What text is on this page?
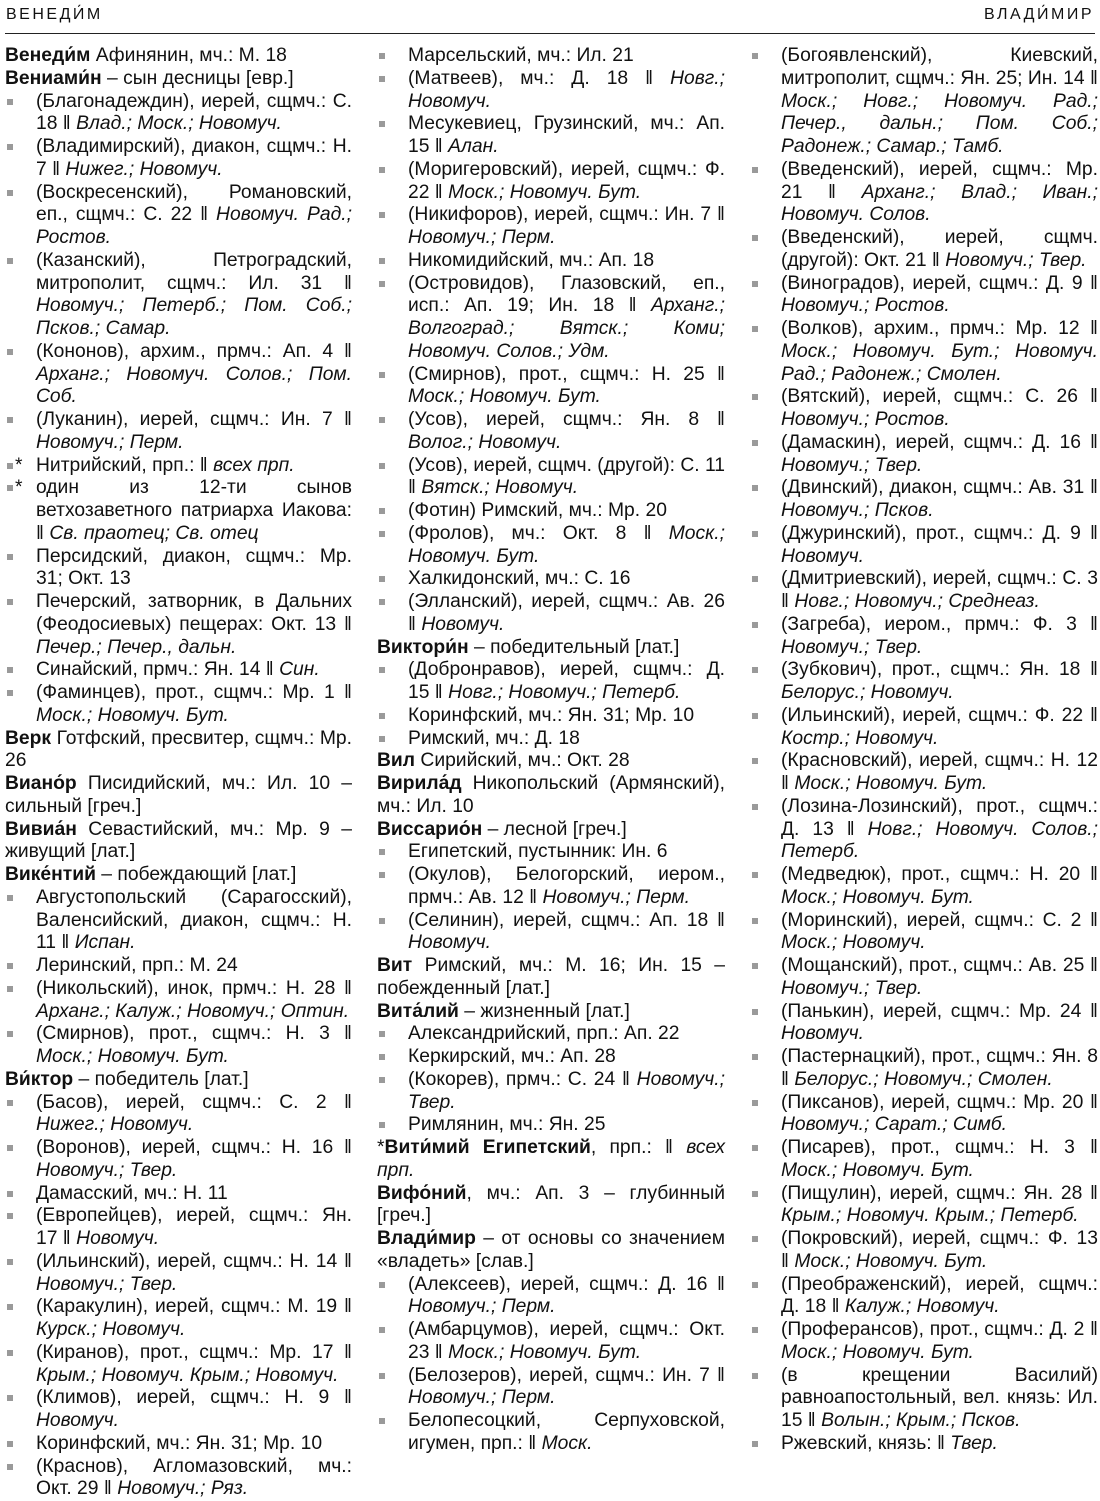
ВЕНЕДИ́М	ВЛАДИ́МИР

Венеди́м Афинянин, мч.: М. 18

Вениами́н – сын десницы [евр.]

(Благонадеждин), иерей, сщмч.: С. 18 ‖ Влад.; Моск.; Новомуч.

(Владимирский), диакон, сщмч.: Н. 7 ‖ Нижег.; Новомуч.

(Воскресенский), Романовский, еп., сщмч.: С. 22 ‖ Новомуч. Рад.; Ростов.

(Казанский), Петроградский, митрополит, сщмч.: Ил. 31 ‖ Новомуч.; Петерб.; Пом. Соб.; Псков.; Самар.

(Кононов), архим., прмч.: Ап. 4 ‖ Арханг.; Новомуч. Солов.; Пом. Соб.

(Луканин), иерей, сщмч.: Ин. 7 ‖ Новомуч.; Перм.

* Нитрийский, прп.: ‖ всех прп.

* один из 12-ти сынов ветхозаветного патриарха Иакова: ‖ Св. праотец; Св. отец

Персидский, диакон, сщмч.: Мр. 31; Окт. 13

Печерский, затворник, в Дальних (Феодосиевых) пещерах: Окт. 13 ‖ Печер.; Печер., дальн.

Синайский, прмч.: Ян. 14 ‖ Син.

(Фаминцев), прот., сщмч.: Мр. 1 ‖ Моск.; Новомуч. Бут.

Верк Готфский, пресвитер, сщмч.: Мр. 26

Виано́р Писидийский, мч.: Ил. 10 – сильный [греч.]

Вивиа́н Севастийский, мч.: Мр. 9 – живущий [лат.]

Вике́нтий – побеждающий [лат.]

Августопольский (Сарагосский), Валенсийский, диакон, сщмч.: Н. 11 ‖ Испан.

Леринский, прп.: М. 24

(Никольский), инок, прмч.: Н. 28 ‖ Арханг.; Калуж.; Новомуч.; Оптин.

(Смирнов), прот., сщмч.: Н. 3 ‖ Моск.; Новомуч. Бут.

Ви́ктор – победитель [лат.]

(Басов), иерей, сщмч.: С. 2 ‖ Нижег.; Новомуч.

(Воронов), иерей, сщмч.: Н. 16 ‖ Новомуч.; Твер.

Дамасский, мч.: Н. 11

(Европейцев), иерей, сщмч.: Ян. 17 ‖ Новомуч.

(Ильинский), иерей, сщмч.: Н. 14 ‖ Новомуч.; Твер.

(Каракулин), иерей, сщмч.: М. 19 ‖ Курск.; Новомуч.

(Киранов), прот., сщмч.: Мр. 17 ‖ Крым.; Новомуч. Крым.; Новомуч.

(Климов), иерей, сщмч.: Н. 9 ‖ Новомуч.

Коринфский, мч.: Ян. 31; Мр. 10

(Краснов), Агломазовский, мч.: Окт. 29 ‖ Новомуч.; Ряз.

Марсельский, мч.: Ил. 21

(Матвеев), мч.: Д. 18 ‖ Новг.; Новомуч.

Месукевиец, Грузинский, мч.: Ап. 15 ‖ Алан.

(Моригеровский), иерей, сщмч.: Ф. 22 ‖ Моск.; Новомуч. Бут.

(Никифоров), иерей, сщмч.: Ин. 7 ‖ Новомуч.; Перм.

Никомидийский, мч.: Ап. 18

(Островидов), Глазовский, еп., исп.: Ап. 19; Ин. 18 ‖ Арханг.; Волгоград.; Вятск.; Коми; Новомуч. Солов.; Удм.

(Смирнов), прот., сщмч.: Н. 25 ‖ Моск.; Новомуч. Бут.

(Усов), иерей, сщмч.: Ян. 8 ‖ Волог.; Новомуч.

(Усов), иерей, сщмч. (другой): С. 11 ‖ Вятск.; Новомуч.

(Фотин) Римский, мч.: Мр. 20

(Фролов), мч.: Окт. 8 ‖ Моск.; Новомуч. Бут.

Халкидонский, мч.: С. 16

(Элланский), иерей, сщмч.: Ав. 26 ‖ Новомуч.

Виктори́н – победительный [лат.]

(Добронравов), иерей, сщмч.: Д. 15 ‖ Новг.; Новомуч.; Петерб.

Коринфский, мч.: Ян. 31; Мр. 10

Римский, мч.: Д. 18

Вил Сирийский, мч.: Окт. 28

Вирила́д Никопольский (Армянский), мч.: Ил. 10

Виссарио́н – лесной [греч.]

Египетский, пустынник: Ин. 6

(Окулов), Белогорский, иером., прмч.: Ав. 12 ‖ Новомуч.; Перм.

(Селинин), иерей, сщмч.: Ап. 18 ‖ Новомуч.

Вит Римский, мч.: М. 16; Ин. 15 – побежденный [лат.]

Вита́лий – жизненный [лат.]

Александрийский, прп.: Ап. 22

Керкирский, мч.: Ап. 28

(Кокорев), прмч.: С. 24 ‖ Новомуч.; Твер.

Римлянин, мч.: Ян. 25

*Вити́мий Египетский, прп.: ‖ всех прп.

Вифо́ний, мч.: Ап. 3 – глубинный [греч.]

Влади́мир – от основы со значением «владеть» [слав.]

(Алексеев), иерей, сщмч.: Д. 16 ‖ Новомуч.; Перм.

(Амбарцумов), иерей, сщмч.: Окт. 23 ‖ Моск.; Новомуч. Бут.

(Белозеров), иерей, сщмч.: Ин. 7 ‖ Новомуч.; Перм.

Белопесоцкий, Серпуховской, игумен, прп.: ‖ Моск.

(Богоявленский), Киевский, митрополит, сщмч.: Ян. 25; Ин. 14 ‖ Моск.; Новг.; Новомуч. Рад.; Печер., дальн.; Пом. Соб.; Радонеж.; Самар.; Тамб.

(Введенский), иерей, сщмч.: Мр. 21 ‖ Арханг.; Влад.; Иван.; Новомуч. Солов.

(Введенский), иерей, сщмч. (другой): Окт. 21 ‖ Новомуч.; Твер.

(Виноградов), иерей, сщмч.: Д. 9 ‖ Новомуч.; Ростов.

(Волков), архим., прмч.: Мр. 12 ‖ Моск.; Новомуч. Бут.; Новомуч. Рад.; Радонеж.; Смолен.

(Вятский), иерей, сщмч.: С. 26 ‖ Новомуч.; Ростов.

(Дамаскин), иерей, сщмч.: Д. 16 ‖ Новомуч.; Твер.

(Двинский), диакон, сщмч.: Ав. 31 ‖ Новомуч.; Псков.

(Джуринский), прот., сщмч.: Д. 9 ‖ Новомуч.

(Дмитриевский), иерей, сщмч.: С. 3 ‖ Новг.; Новомуч.; Среднеаз.

(Загреба), иером., прмч.: Ф. 3 ‖ Новомуч.; Твер.

(Зубкович), прот., сщмч.: Ян. 18 ‖ Белорус.; Новомуч.

(Ильинский), иерей, сщмч.: Ф. 22 ‖ Костр.; Новомуч.

(Красновский), иерей, сщмч.: Н. 12 ‖ Моск.; Новомуч. Бут.

(Лозина-Лозинский), прот., сщмч.: Д. 13 ‖ Новг.; Новомуч. Солов.; Петерб.

(Медведюк), прот., сщмч.: Н. 20 ‖ Моск.; Новомуч. Бут.

(Моринский), иерей, сщмч.: С. 2 ‖ Моск.; Новомуч.

(Мощанский), прот., сщмч.: Ав. 25 ‖ Новомуч.; Твер.

(Панькин), иерей, сщмч.: Мр. 24 ‖ Новомуч.

(Пастернацкий), прот., сщмч.: Ян. 8 ‖ Белорус.; Новомуч.; Смолен.

(Пиксанов), иерей, сщмч.: Мр. 20 ‖ Новомуч.; Сарат.; Симб.

(Писарев), прот., сщмч.: Н. 3 ‖ Моск.; Новомуч. Бут.

(Пищулин), иерей, сщмч.: Ян. 28 ‖ Крым.; Новомуч. Крым.; Петерб.

(Покровский), иерей, сщмч.: Ф. 13 ‖ Моск.; Новомуч. Бут.

(Преображенский), иерей, сщмч.: Д. 18 ‖ Калуж.; Новомуч.

(Проферансов), прот., сщмч.: Д. 2 ‖ Моск.; Новомуч. Бут.

(в крещении Василий) равноапостольный, вел. князь: Ил. 15 ‖ Волын.; Крым.; Псков.

Ржевский, князь: ‖ Твер.
